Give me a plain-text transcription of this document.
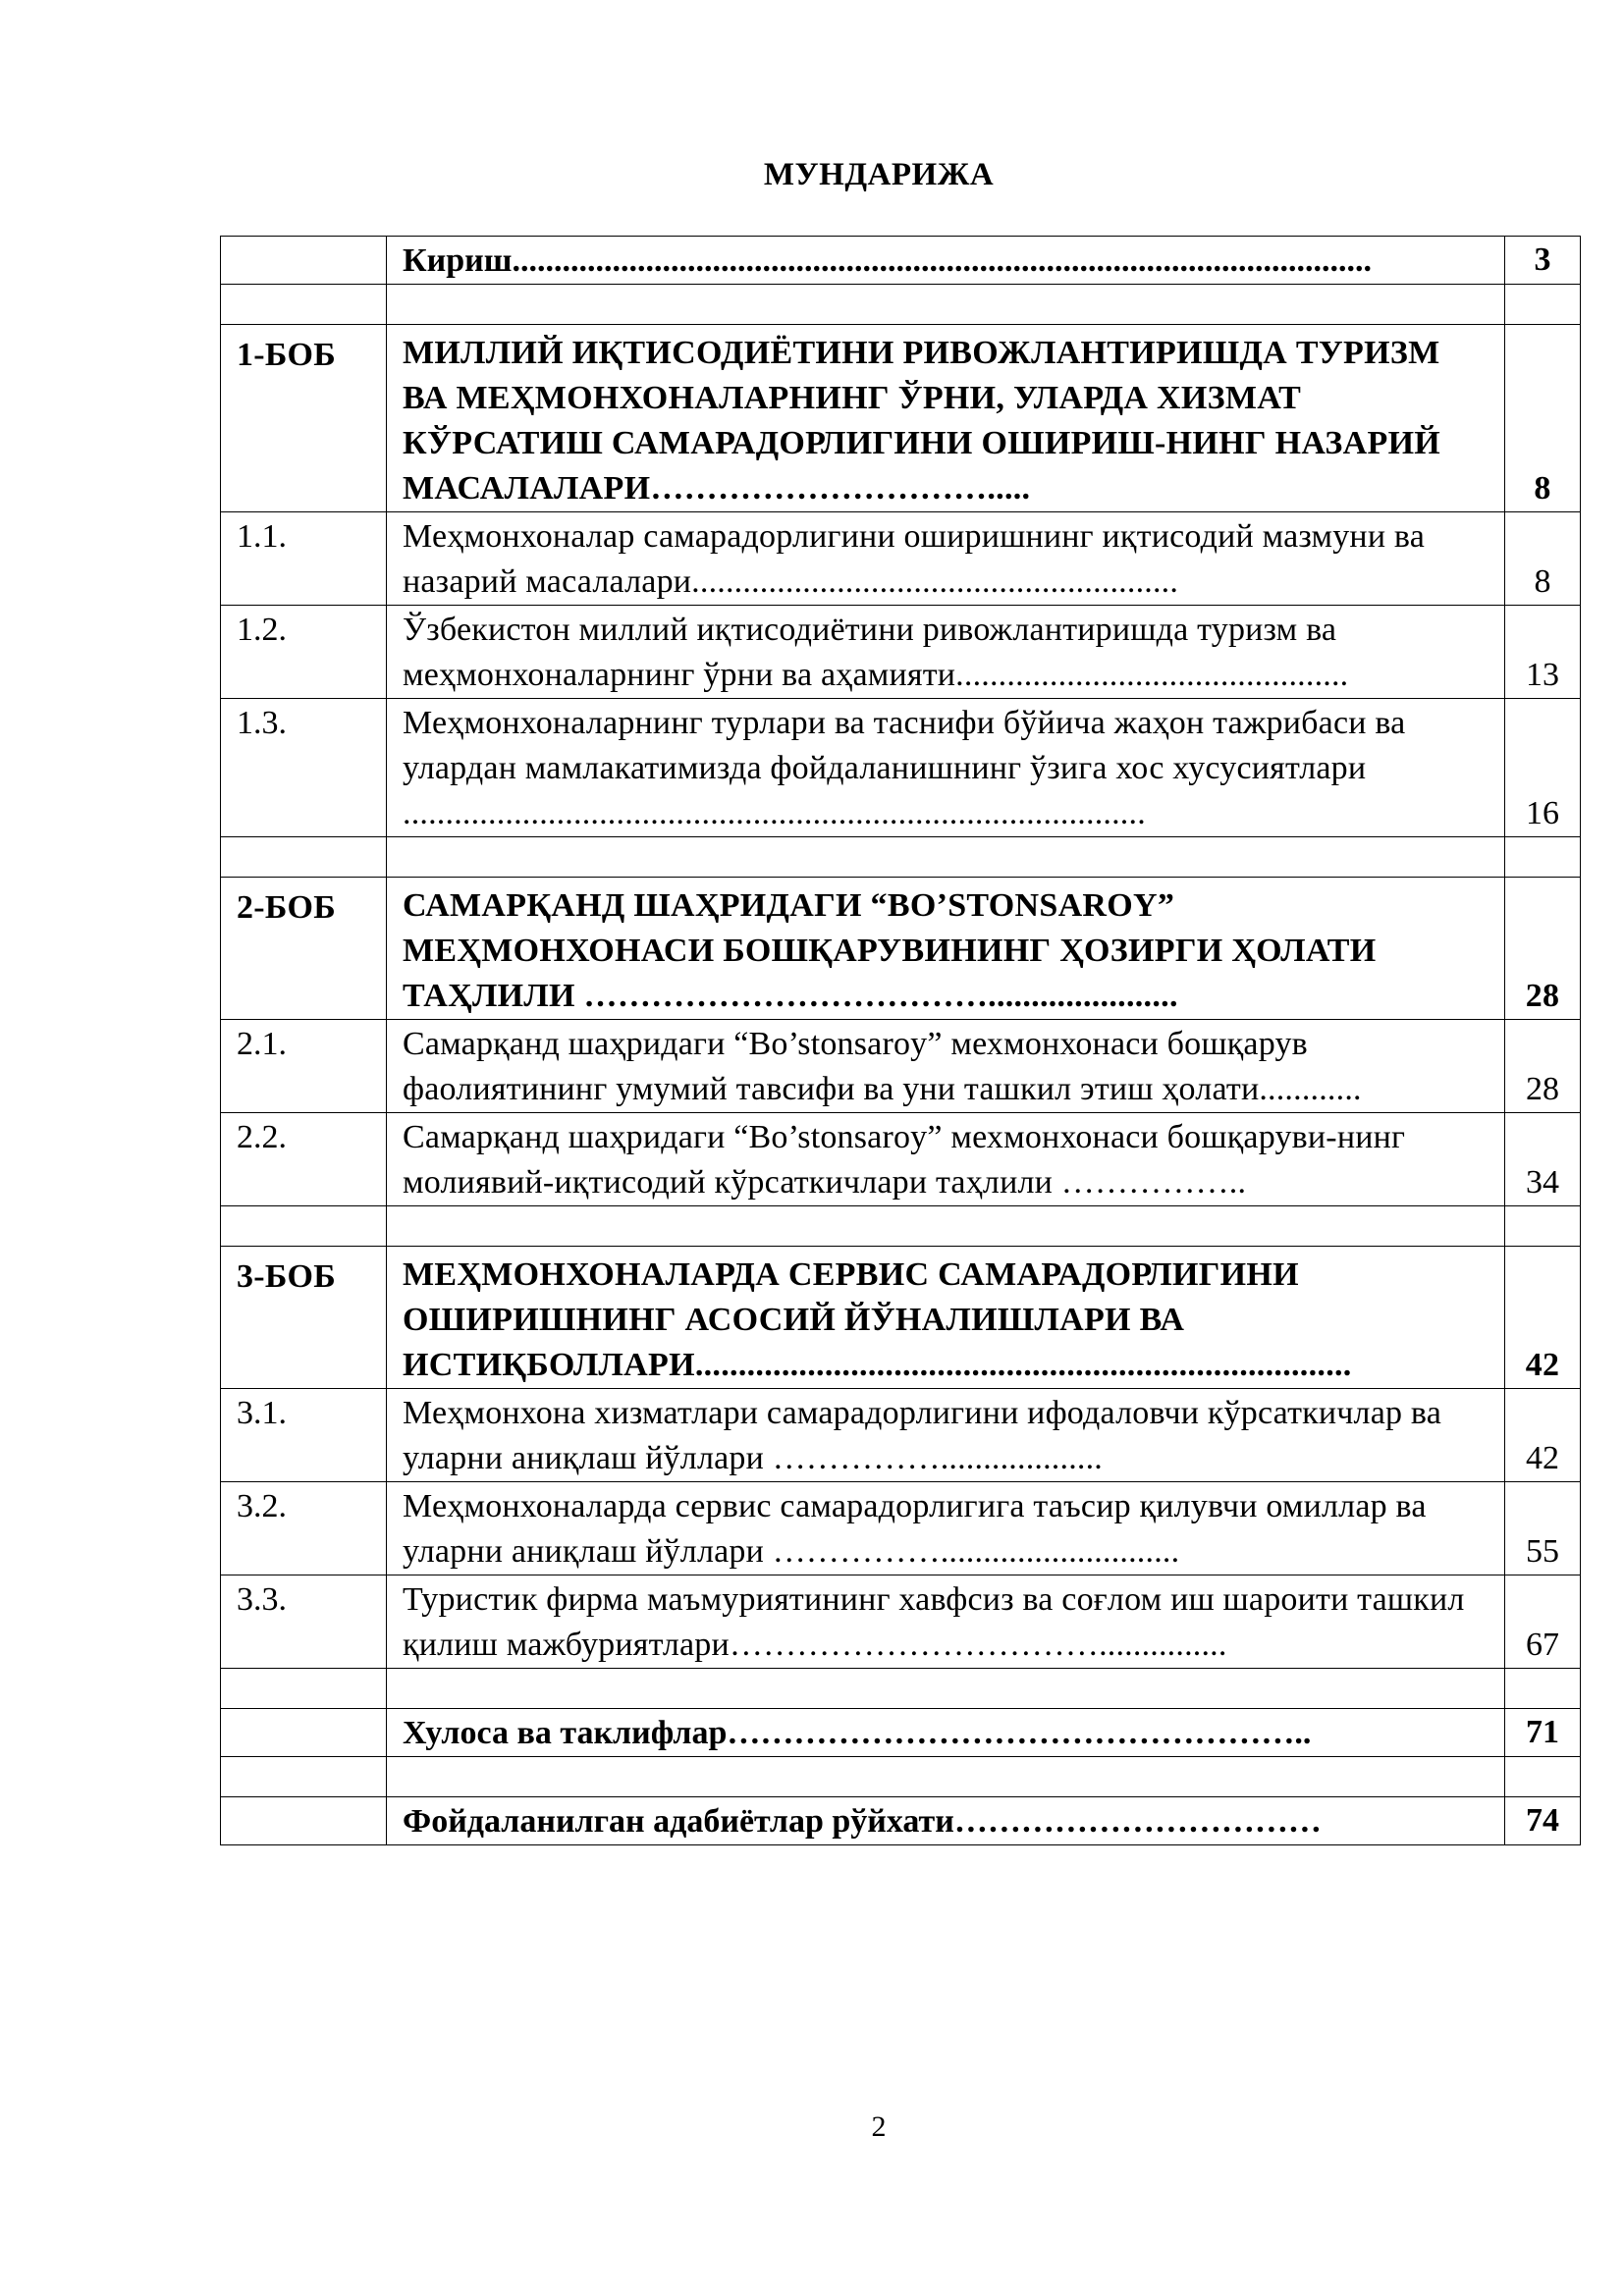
МУНДАРИЖА
	Кириш.......................................................................................................	3

1-БОБ	МИЛЛИЙ ИҚТИСОДИЁТИНИ РИВОЖЛАНТИРИШДА ТУРИЗМ ВА МЕҲМОНХОНАЛАРНИНГ ЎРНИ, УЛАРДА ХИЗМАТ КЎРСАТИШ САМАРАДОРЛИГИНИ ОШИРИШ-НИНГ НАЗАРИЙ МАСАЛАЛАРИ………………………….....	8
1.1.	Меҳмонхоналар самарадорлигини оширишнинг иқтисодий мазмуни ва назарий масалалари.........................................................	8
1.2.	Ўзбекистон миллий иқтисодиётини ривожлантиришда туризм ва меҳмонхоналарнинг ўрни ва аҳамияти..............................................	13
1.3.	Меҳмонхоналарнинг турлари ва таснифи бўйича жаҳон тажрибаси ва улардан мамлакатимизда фойдаланишнинг ўзига хос хусусиятлари .......................................................................................	16

2-БОБ	САМАРҚАНД ШАҲРИДАГИ “BO’STONSAROY” МЕҲМОНХОНАСИ БОШҚАРУВИНИНГ ҲОЗИРГИ ҲОЛАТИ ТАҲЛИЛИ ………………………………......................	28
2.1.	Самарқанд шаҳридаги “Bo’stonsaroy” мехмонхонаси бошқарув фаолиятининг умумий тавсифи ва уни ташкил этиш ҳолати............	28
2.2.	Самарқанд шаҳридаги “Bo’stonsaroy” мехмонхонаси бошқаруви-нинг молиявий-иқтисодий кўрсаткичлари таҳлили ……………..	34

3-БОБ	МЕҲМОНХОНАЛАРДА СЕРВИС САМАРАДОРЛИГИНИ ОШИРИШНИНГ АСОСИЙ ЙЎНАЛИШЛАРИ ВА ИСТИҚБОЛЛАРИ............................................................................	42
3.1.	Меҳмонхона хизматлари самарадорлигини ифодаловчи кўрсаткичлар ва уларни аниқлаш йўллари ……………...................	42
3.2.	Меҳмонхоналарда сервис самарадорлигига таъсир қилувчи омиллар ва уларни аниқлаш йўллари ……………............................	55
3.3.	Туристик фирма маъмуриятининг хавфсиз ва соғлом иш шароити ташкил қилиш мажбуриятлари……………………………...............	67

	Хулоса ва таклифлар……………………………………………..	71

	Фойдаланилган адабиётлар рўйхати……………………………	74
2
